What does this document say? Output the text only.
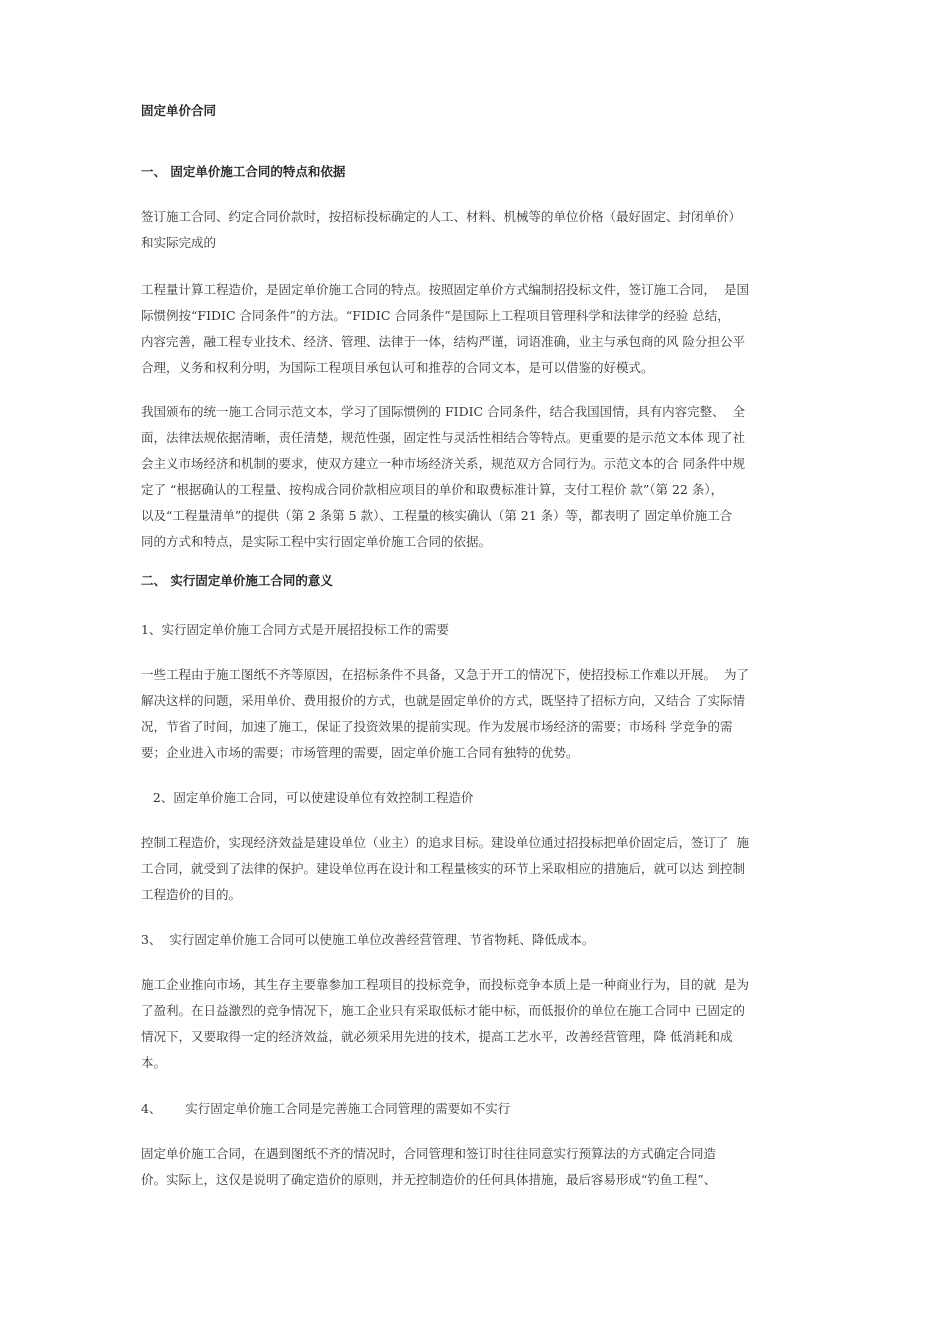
固定单价合同
一、 固定单价施工合同的特点和依据
签订施工合同、约定合同价款时，按招标投标确定的人工、材料、机械等的单位价格（最好固定、封闭单价）
和实际完成的
工程量计算工程造价，是固定单价施工合同的特点。按照固定单价方式编制招投标文件，签订施工合同，  是国
际惯例按“FIDIC 合同条件”的方法。“FIDIC 合同条件”是国际上工程项目管理科学和法律学的经验 总结，
内容完善，融工程专业技术、经济、管理、法律于一体，结构严谨，词语准确，业主与承包商的风 险分担公平
合理，义务和权利分明，为国际工程项目承包认可和推荐的合同文本，是可以借鉴的好模式。
我国颁布的统一施工合同示范文本，学习了国际惯例的 FIDIC 合同条件，结合我国国情，具有内容完整、  全
面，法律法规依据清晰，责任清楚，规范性强，固定性与灵活性相结合等特点。更重要的是示范文本体 现了社
会主义市场经济和机制的要求，使双方建立一种市场经济关系，规范双方合同行为。示范文本的合 同条件中规
定了 “根据确认的工程量、按构成合同价款相应项目的单价和取费标准计算，支付工程价 款”（第 22 条），
以及“工程量清单”的提供（第 2 条第 5 款）、工程量的核实确认（第 21 条）等，都表明了 固定单价施工合
同的方式和特点，是实际工程中实行固定单价施工合同的依据。
二、 实行固定单价施工合同的意义
1、实行固定单价施工合同方式是开展招投标工作的需要
一些工程由于施工图纸不齐等原因，在招标条件不具备，又急于开工的情况下，使招投标工作难以开展。  为了
解决这样的问题，采用单价、费用报价的方式，也就是固定单价的方式，既坚持了招标方向，又结合 了实际情
况，节省了时间，加速了施工，保证了投资效果的提前实现。作为发展市场经济的需要；市场科 学竞争的需
要；企业进入市场的需要；市场管理的需要，固定单价施工合同有独特的优势。
2、固定单价施工合同，可以使建设单位有效控制工程造价
控制工程造价，实现经济效益是建设单位（业主）的追求目标。建设单位通过招投标把单价固定后，签订了  施
工合同，就受到了法律的保护。建设单位再在设计和工程量核实的环节上采取相应的措施后，就可以达 到控制
工程造价的目的。
3、  实行固定单价施工合同可以使施工单位改善经营管理、节省物耗、降低成本。
施工企业推向市场，其生存主要靠参加工程项目的投标竞争，而投标竞争本质上是一种商业行为，目的就  是为
了盈利。在日益激烈的竞争情况下，施工企业只有采取低标才能中标，而低报价的单位在施工合同中 已固定的
情况下，又要取得一定的经济效益，就必须采用先进的技术，提高工艺水平，改善经营管理，降 低消耗和成
本。
4、      实行固定单价施工合同是完善施工合同管理的需要如不实行
固定单价施工合同，在遇到图纸不齐的情况时，合同管理和签订时往往同意实行预算法的方式确定合同造
价。实际上，这仅是说明了确定造价的原则，并无控制造价的任何具体措施，最后容易形成“钓鱼工程”、
